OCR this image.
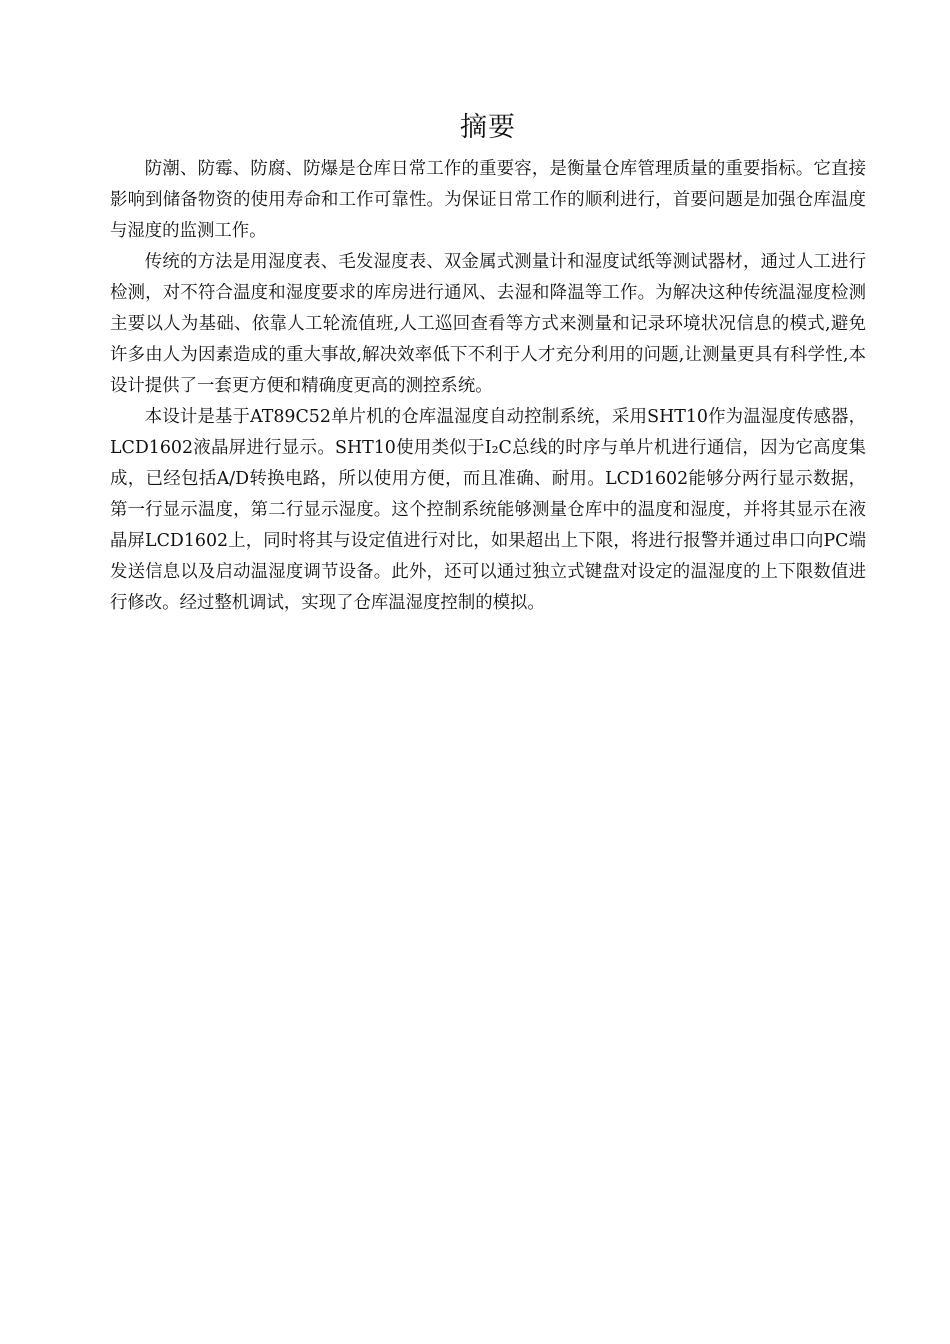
摘要

防潮、防霉、防腐、防爆是仓库日常工作的重要容，是衡量仓库管理质量的重要指标。它直接影响到储备物资的使用寿命和工作可靠性。为保证日常工作的顺利进行，首要问题是加强仓库温度与湿度的监测工作。

传统的方法是用湿度表、毛发湿度表、双金属式测量计和湿度试纸等测试器材，通过人工进行检测，对不符合温度和湿度要求的库房进行通风、去湿和降温等工作。为解决这种传统温湿度检测主要以人为基础、依靠人工轮流值班,人工巡回查看等方式来测量和记录环境状况信息的模式,避免许多由人为因素造成的重大事故,解决效率低下不利于人才充分利用的问题,让测量更具有科学性,本设计提供了一套更方便和精确度更高的测控系统。

本设计是基于AT89C52单片机的仓库温湿度自动控制系统，采用SHT10作为温湿度传感器，LCD1602液晶屏进行显示。SHT10使用类似于I₂C总线的时序与单片机进行通信，因为它高度集成，已经包括A/D转换电路，所以使用方便，而且准确、耐用。LCD1602能够分两行显示数据，第一行显示温度，第二行显示湿度。这个控制系统能够测量仓库中的温度和湿度，并将其显示在液晶屏LCD1602上，同时将其与设定值进行对比，如果超出上下限，将进行报警并通过串口向PC端发送信息以及启动温湿度调节设备。此外，还可以通过独立式键盘对设定的温湿度的上下限数值进行修改。经过整机调试，实现了仓库温湿度控制的模拟。
